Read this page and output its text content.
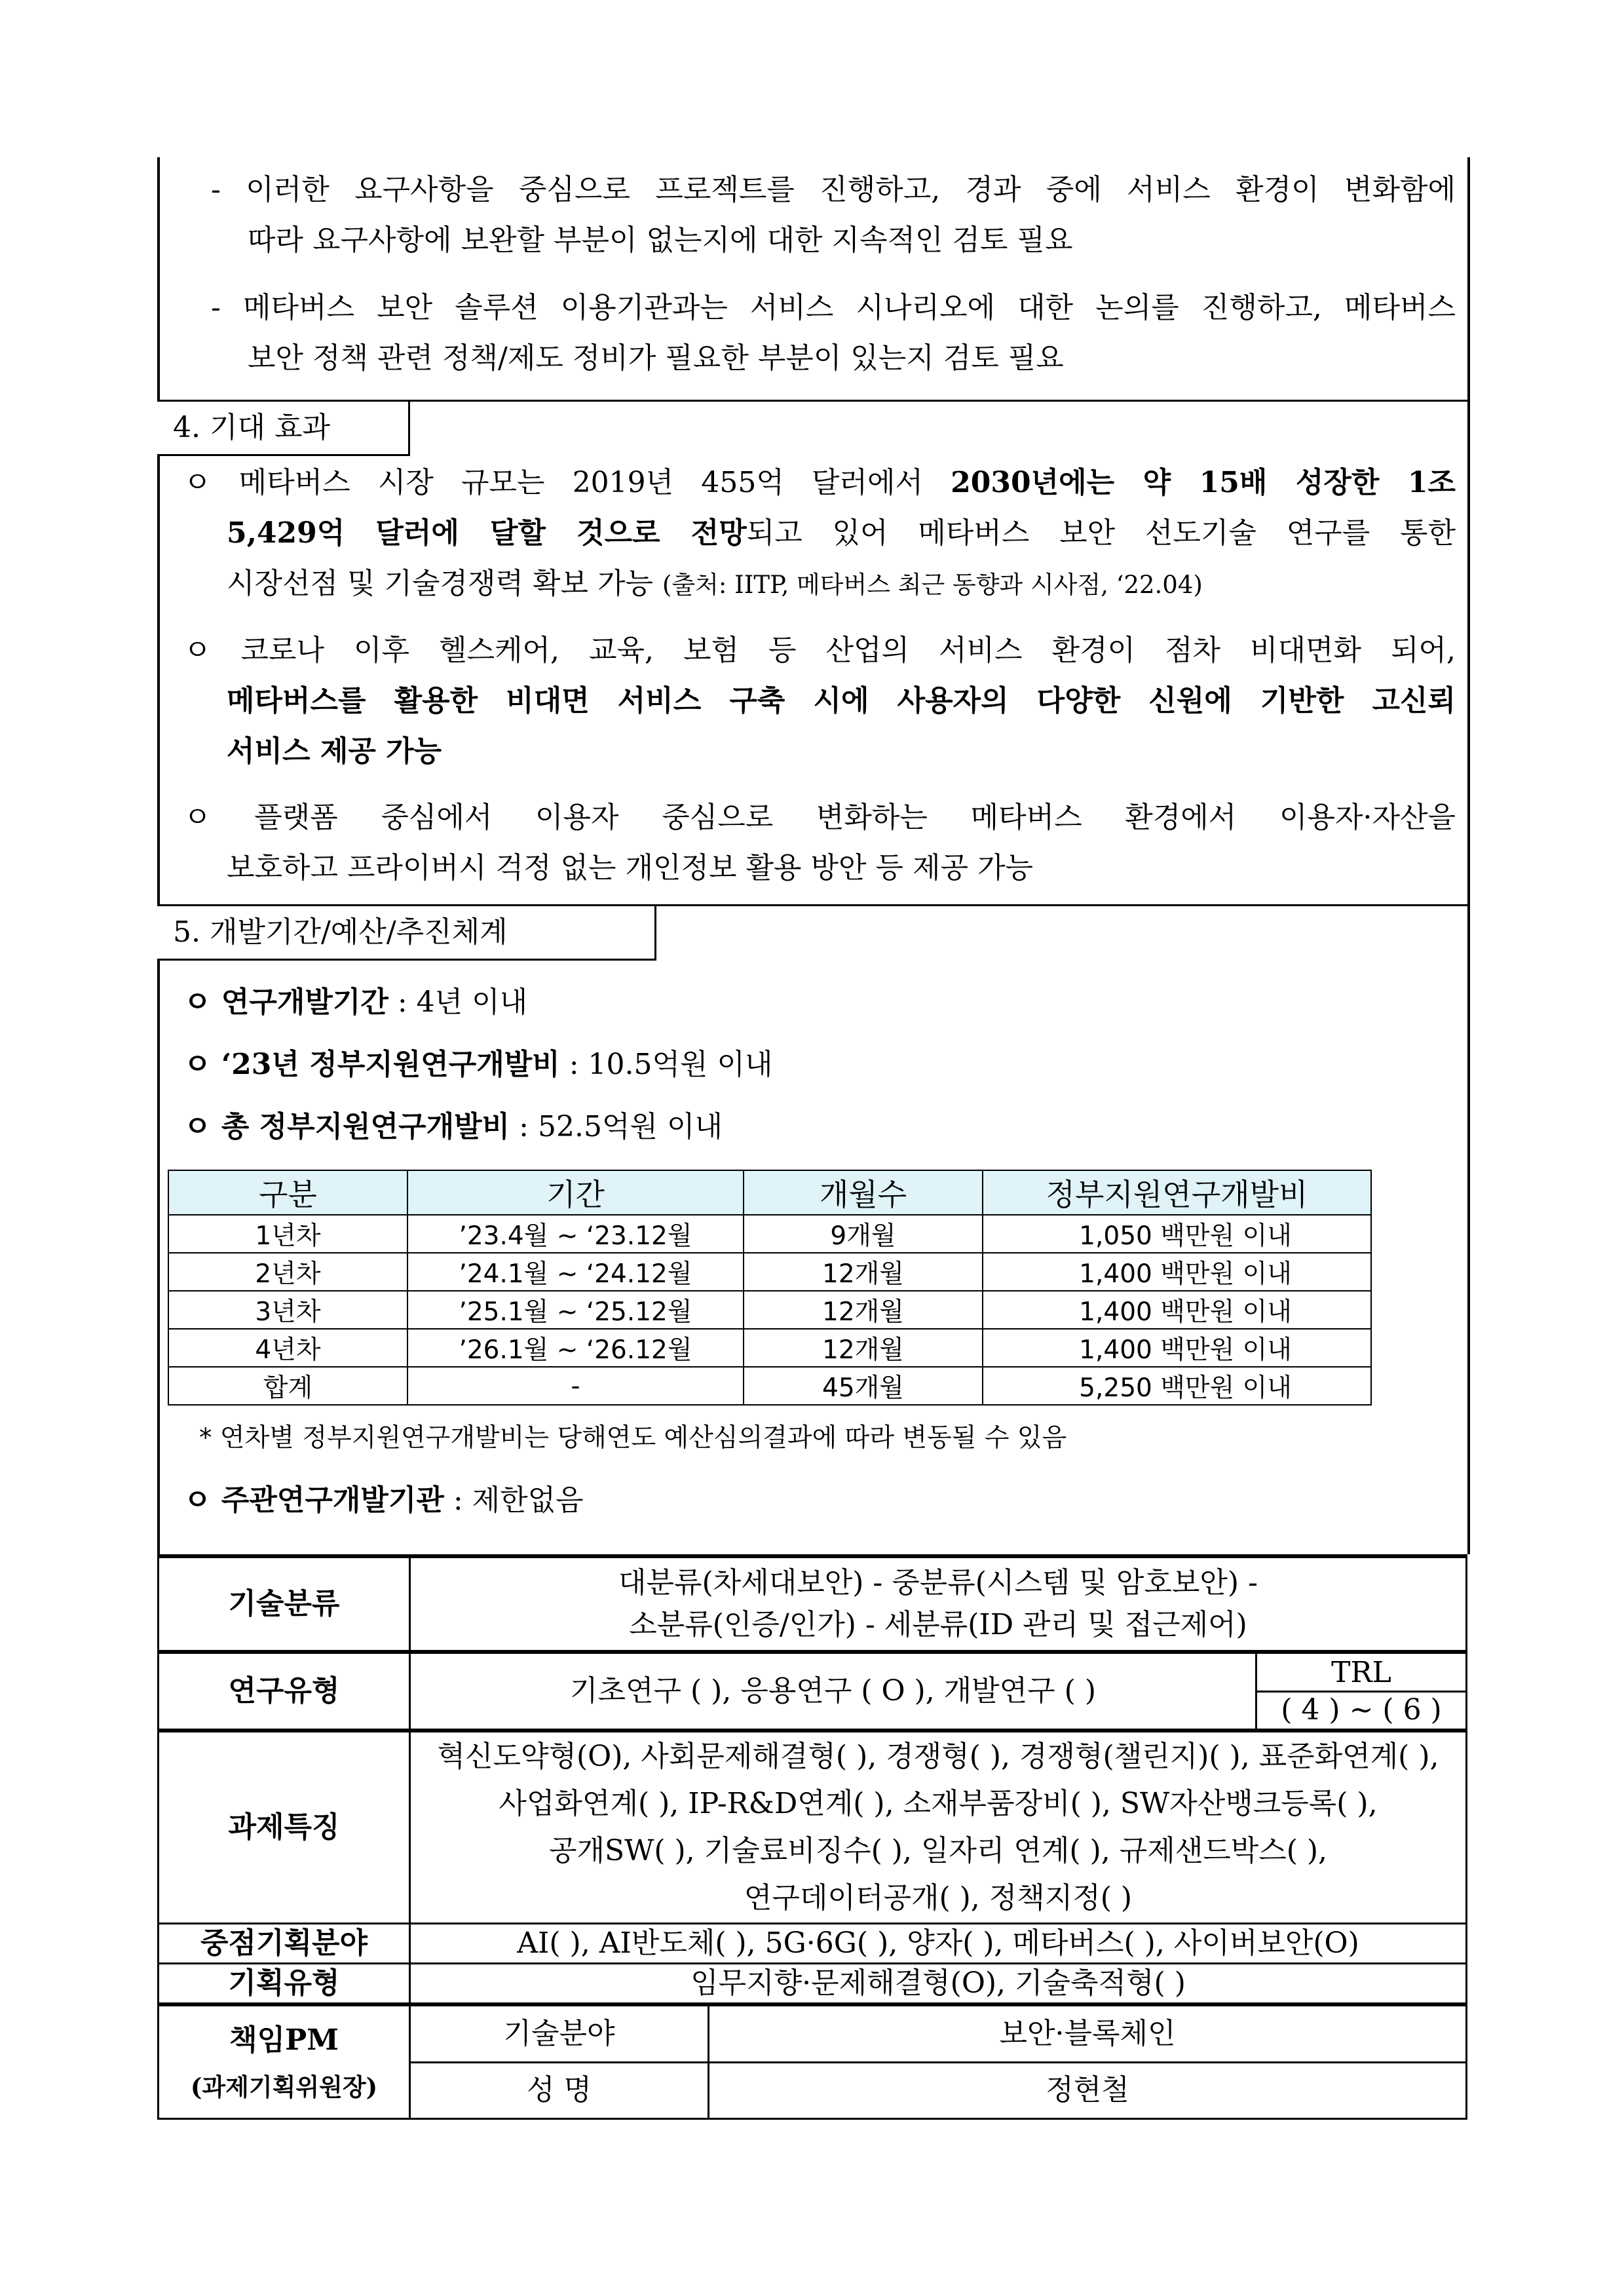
- 이러한 요구사항을 중심으로 프로젝트를 진행하고, 경과 중에 서비스 환경이 변화함에
따라 요구사항에 보완할 부분이 없는지에 대한 지속적인 검토 필요
- 메타버스 보안 솔루션 이용기관과는 서비스 시나리오에 대한 논의를 진행하고, 메타버스
보안 정책 관련 정책/제도 정비가 필요한 부분이 있는지 검토 필요
4. 기대 효과
ㅇ 메타버스 시장 규모는 2019년 455억 달러에서 2030년에는 약 15배 성장한 1조
5,429억 달러에 달할 것으로 전망되고 있어 메타버스 보안 선도기술 연구를 통한
시장선점 및 기술경쟁력 확보 가능 (출처: IITP, 메타버스 최근 동향과 시사점, ‘22.04)
ㅇ 코로나 이후 헬스케어, 교육, 보험 등 산업의 서비스 환경이 점차 비대면화 되어,
메타버스를 활용한 비대면 서비스 구축 시에 사용자의 다양한 신원에 기반한 고신뢰
서비스 제공 가능
ㅇ 플랫폼 중심에서 이용자 중심으로 변화하는 메타버스 환경에서 이용자·자산을
보호하고 프라이버시 걱정 없는 개인정보 활용 방안 등 제공 가능
5. 개발기간/예산/추진체계
ㅇ 연구개발기간 : 4년 이내
ㅇ ‘23년 정부지원연구개발비 : 10.5억원 이내
ㅇ 총 정부지원연구개발비 : 52.5억원 이내
구분	기간	개월수	정부지원연구개발비
1년차	’23.4월 ~ ‘23.12월	9개월	1,050 백만원 이내
2년차	’24.1월 ~ ‘24.12월	12개월	1,400 백만원 이내
3년차	’25.1월 ~ ‘25.12월	12개월	1,400 백만원 이내
4년차	’26.1월 ~ ‘26.12월	12개월	1,400 백만원 이내
합계	-	45개월	5,250 백만원 이내
* 연차별 정부지원연구개발비는 당해연도 예산심의결과에 따라 변동될 수 있음
ㅇ 주관연구개발기관 : 제한없음
기술분류	대분류(차세대보안) - 중분류(시스템 및 암호보안) -
소분류(인증/인가) - 세분류(ID 관리 및 접근제어)		

연구유형	기초연구 ( ), 응용연구 ( O ), 개발연구 ( )		TRL
( 4 ) ~ ( 6 )

과제특징	혁신도약형(O), 사회문제해결형( ), 경쟁형( ), 경쟁형(챌린지)( ), 표준화연계( ),
사업화연계( ), IP-R&D연계( ), 소재부품장비( ), SW자산뱅크등록( ),
공개SW( ), 기술료비징수( ), 일자리 연계( ), 규제샌드박스( ),
연구데이터공개( ), 정책지정( )		

중점기획분야	AI( ), AI반도체( ), 5G·6G( ), 양자( ), 메타버스( ), 사이버보안(O)		
기획유형	임무지향·문제해결형(O), 기술축적형( )		

책임PM
(과제기획위원장)	기술분야	보안·블록체인	
	성 명	정현철	
